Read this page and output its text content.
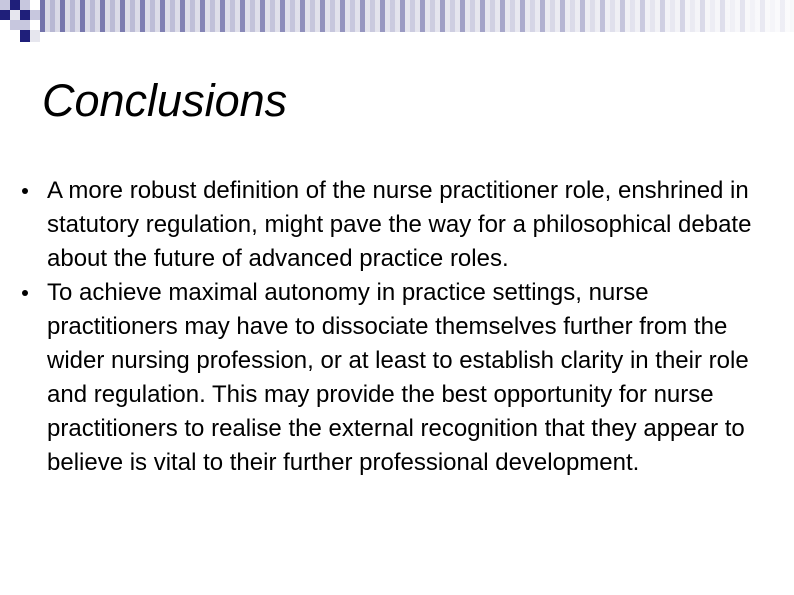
Conclusions
A more robust definition of the nurse practitioner role, enshrined in statutory regulation, might pave the way for a philosophical debate about the future of advanced practice roles.
To achieve maximal autonomy in practice settings, nurse practitioners may have to dissociate themselves further from the wider nursing profession, or at least to establish clarity in their role and regulation. This may provide the best opportunity for nurse practitioners to realise the external recognition that they appear to believe is vital to their further professional development.
